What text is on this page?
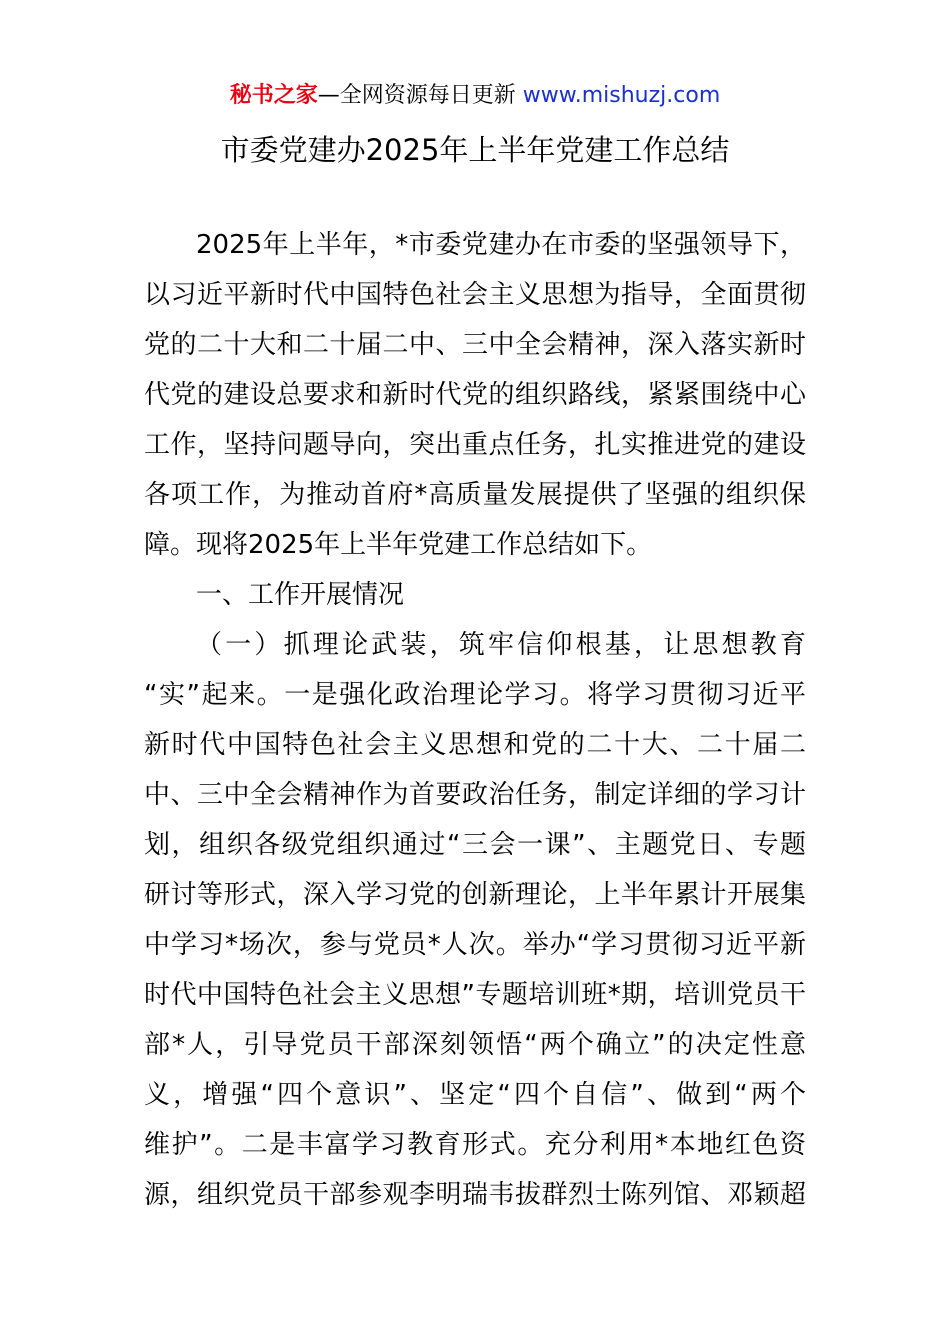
秘书之家—全网资源每日更新 www.mishuzj.com
市委党建办2025年上半年党建工作总结
2025年上半年，*市委党建办在市委的坚强领导下，
以习近平新时代中国特色社会主义思想为指导，全面贯彻
党的二十大和二十届二中、三中全会精神，深入落实新时
代党的建设总要求和新时代党的组织路线，紧紧围绕中心
工作，坚持问题导向，突出重点任务，扎实推进党的建设
各项工作，为推动首府*高质量发展提供了坚强的组织保
障。现将2025年上半年党建工作总结如下。
一、工作开展情况
（一）抓理论武装，筑牢信仰根基，让思想教育
“实”起来。一是强化政治理论学习。将学习贯彻习近平
新时代中国特色社会主义思想和党的二十大、二十届二
中、三中全会精神作为首要政治任务，制定详细的学习计
划，组织各级党组织通过“三会一课”、主题党日、专题
研讨等形式，深入学习党的创新理论，上半年累计开展集
中学习*场次，参与党员*人次。举办“学习贯彻习近平新
时代中国特色社会主义思想”专题培训班*期，培训党员干
部*人，引导党员干部深刻领悟“两个确立”的决定性意
义，增强“四个意识”、坚定“四个自信”、做到“两个
维护”。二是丰富学习教育形式。充分利用*本地红色资
源，组织党员干部参观李明瑞韦拔群烈士陈列馆、邓颖超
